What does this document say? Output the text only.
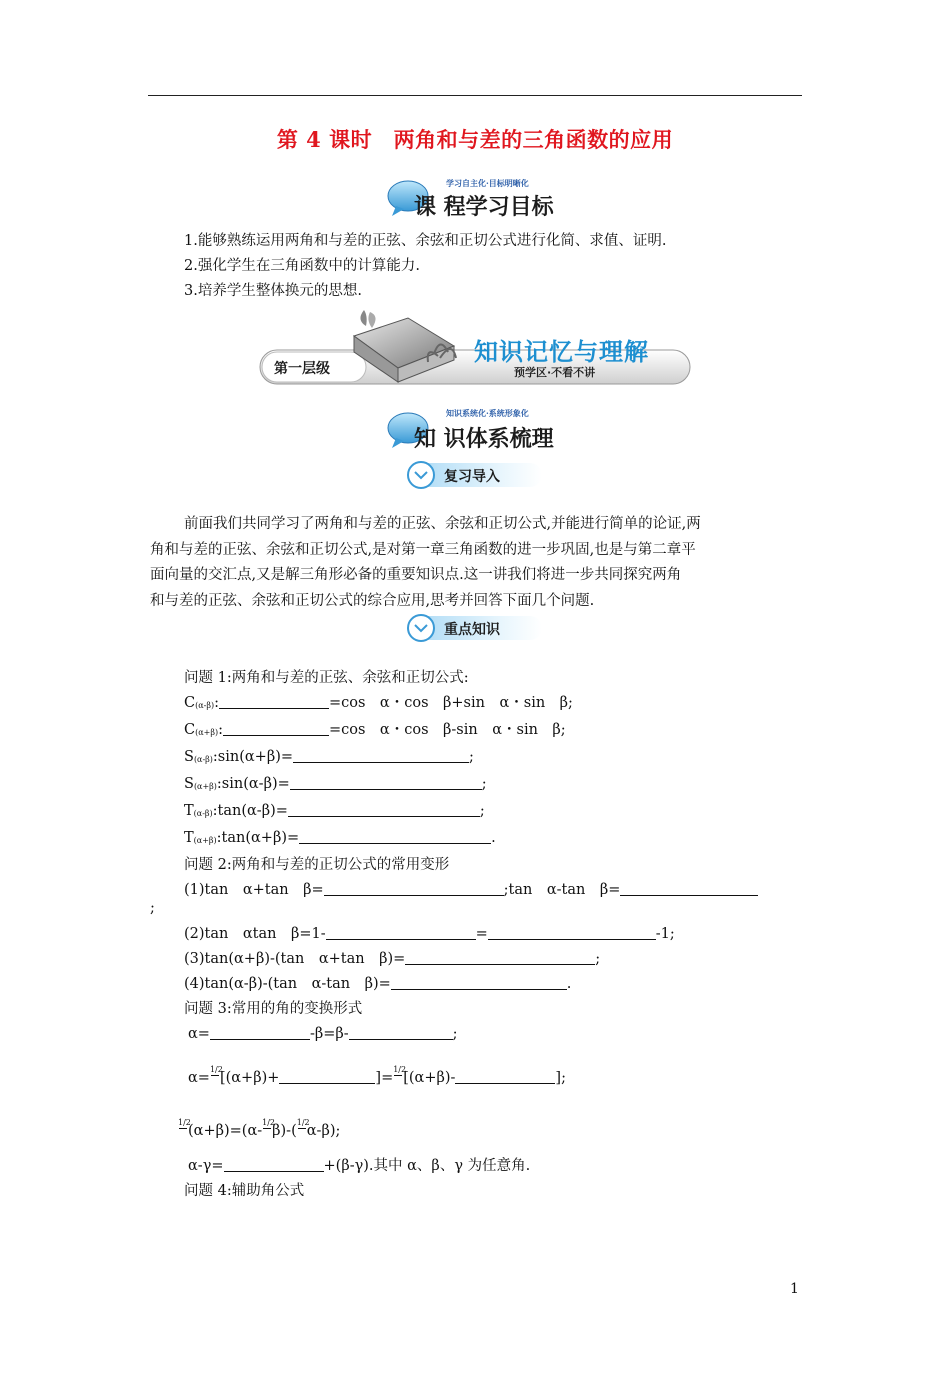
第 4 课时　两角和与差的三角函数的应用
学习自主化·目标明晰化
课 程学习目标
1.能够熟练运用两角和与差的正弦、余弦和正切公式进行化简、求值、证明.
2.强化学生在三角函数中的计算能力.
3.培养学生整体换元的思想.
第一层级
知识记忆与理解
预学区·不看不讲
知识系统化·系统形象化
知 识体系梳理
复习导入
前面我们共同学习了两角和与差的正弦、余弦和正切公式,并能进行简单的论证,两
角和与差的正弦、余弦和正切公式,是对第一章三角函数的进一步巩固,也是与第二章平
面向量的交汇点,又是解三角形必备的重要知识点.这一讲我们将进一步共同探究两角
和与差的正弦、余弦和正切公式的综合应用,思考并回答下面几个问题.
重点知识
问题 1:两角和与差的正弦、余弦和正切公式:
C(α-β):	=cos　α・cos　β+sin　α・sin　β;
C(α+β):	=cos　α・cos　β-sin　α・sin　β;
S(α-β):sin(α+β)=	;
S(α+β):sin(α-β)=	;
T(α-β):tan(α-β)=	;
T(α+β):tan(α+β)=	.
问题 2:两角和与差的正切公式的常用变形
(1)tan　α+tan　β=	;tan　α-tan　β=
;
(2)tan　αtan　β=1-	=	-1;
(3)tan(α+β)-(tan　α+tan　β)=	;
(4)tan(α-β)-(tan　α-tan　β)=	.
问题 3:常用的角的变换形式
α=	-β=β-	;
α=
1/2
[(α+β)+	]=
1/2
[(α+β)-	];
1/2
(α+β)=(α-
1/2
β)-(
1/2
α-β);
α-γ=	+(β-γ).其中 α、β、γ 为任意角.
问题 4:辅助角公式
1
